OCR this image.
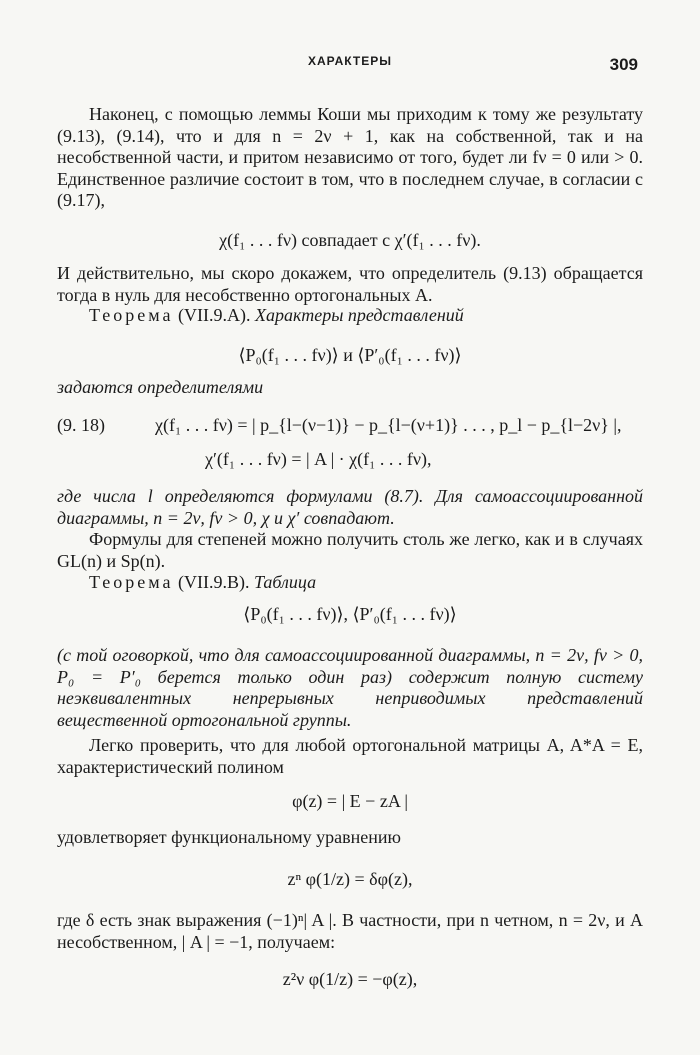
ХАРАКТЕРЫ	309
Наконец, с помощью леммы Коши мы приходим к тому же результату (9.13), (9.14), что и для n = 2ν + 1, как на собственной, так и на несобственной части, и притом независимо от того, будет ли fν = 0 или > 0. Единственное различие состоит в том, что в последнем случае, в согласии с (9.17),
χ(f₁ . . . fν) совпадает с χ′(f₁ . . . fν).
И действительно, мы скоро докажем, что определитель (9.13) обращается тогда в нуль для несобственно ортогональных A.
Теорема (VII.9.A). Характеры представлений
⟨P₀(f₁ . . . fν)⟩ и ⟨P′₀(f₁ . . . fν)⟩
задаются определителями
(9. 18)	χ(f₁ . . . fν) = | p_{l−(ν−1)} − p_{l−(ν+1)} . . . , p_l − p_{l−2ν} |,
χ′(f₁ . . . fν) = | A | · χ(f₁ . . . fν),
где числа l определяются формулами (8.7). Для самоассоциированной диаграммы, n = 2ν, fν > 0, χ и χ′ совпадают.
Формулы для степеней можно получить столь же легко, как и в случаях GL(n) и Sp(n).
Теорема (VII.9.B). Таблица
⟨P₀(f₁ . . . fν)⟩, ⟨P′₀(f₁ . . . fν)⟩
(с той оговоркой, что для самоассоциированной диаграммы, n = 2ν, fν > 0, P₀ = P′₀ берется только один раз) содержит полную систему неэквивалентных непрерывных неприводимых представлений вещественной ортогональной группы.
Легко проверить, что для любой ортогональной матрицы A, A*A = E, характеристический полином
φ(z) = | E − zA |
удовлетворяет функциональному уравнению
zⁿ φ(1/z) = δφ(z),
где δ есть знак выражения (−1)ⁿ| A |. В частности, при n четном, n = 2ν, и A несобственном, | A | = −1, получаем:
z²ν φ(1/z) = −φ(z),
